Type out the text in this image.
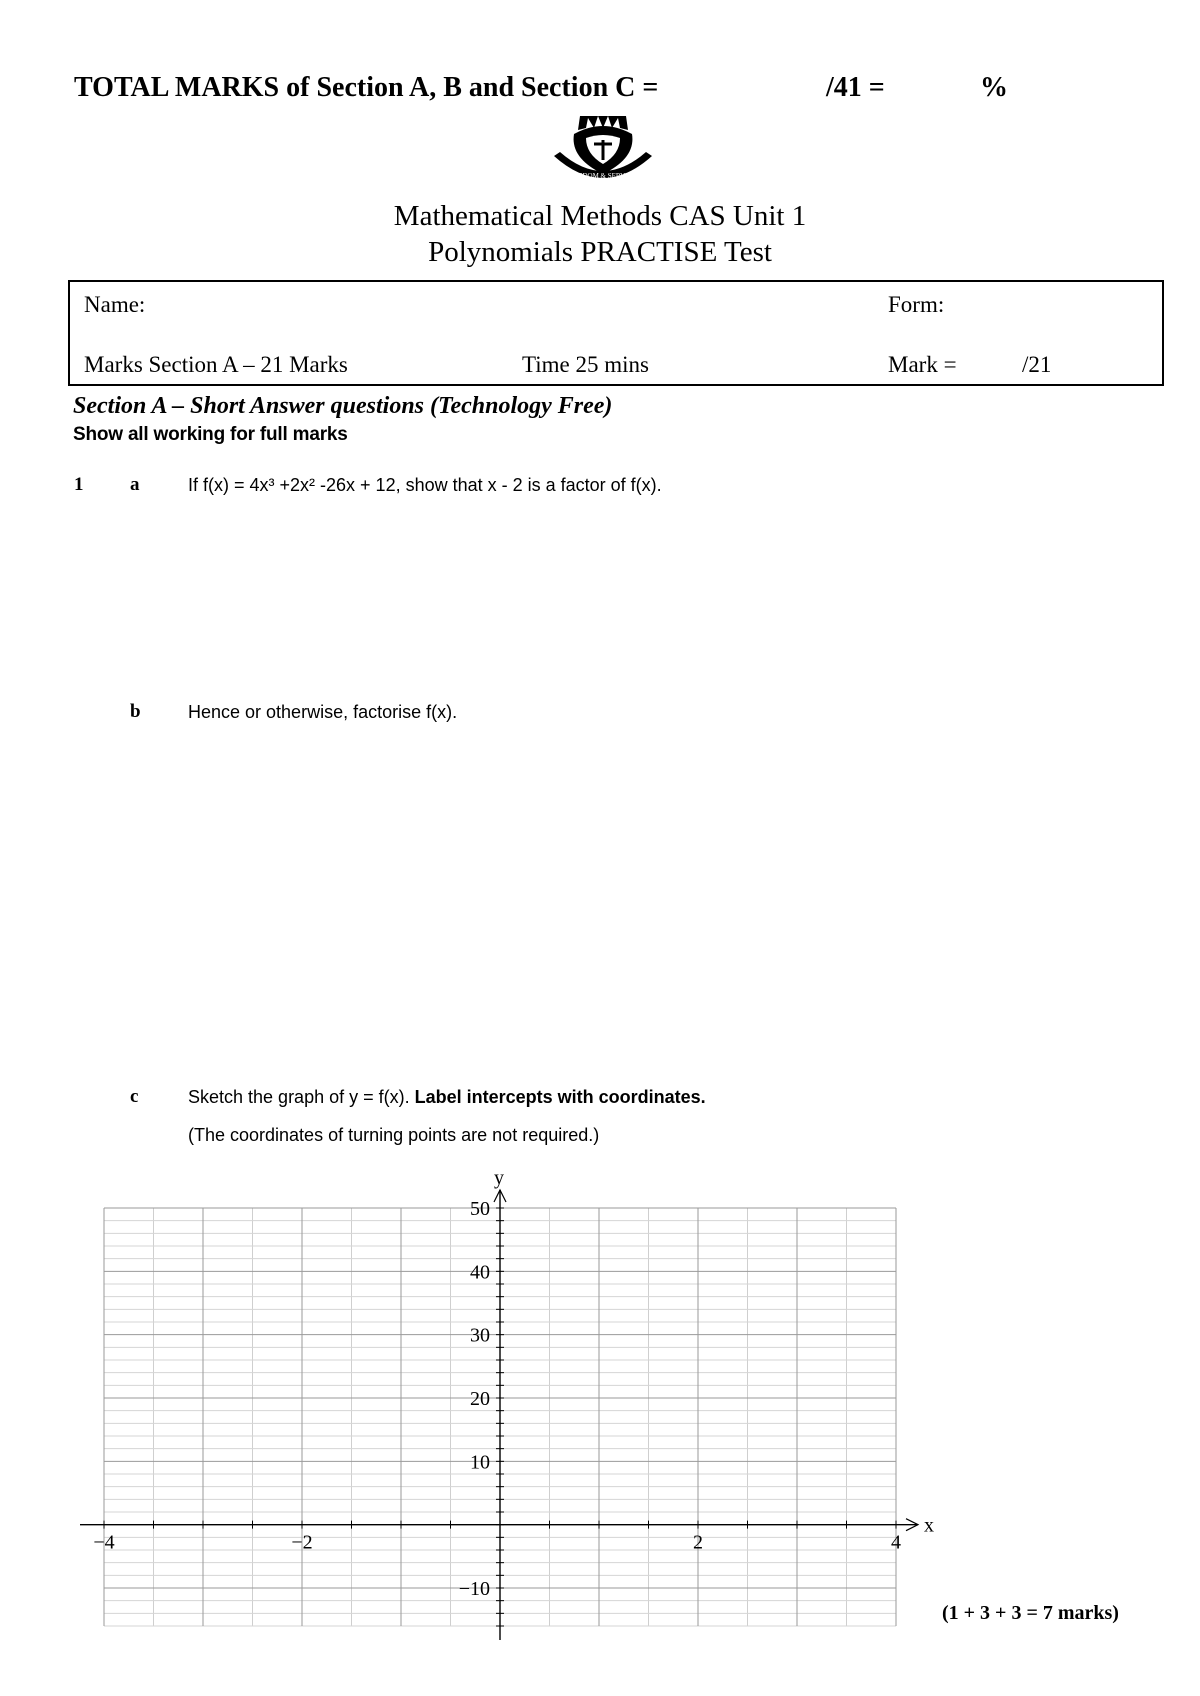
TOTAL MARKS of Section A, B and Section C =	/41 =	%
WISDOM & SERVICE
Mathematical Methods CAS Unit 1
Polynomials PRACTISE Test
Name:	Form:
Marks Section A – 21 Marks	Time 25 mins	Mark =	/21
Section A – Short Answer questions (Technology Free)
Show all working for full marks
1 a	If f(x) = 4x³ +2x² -26x + 12, show that x - 2 is a factor of f(x).
b	Hence or otherwise, factorise f(x).
c	Sketch the graph of y = f(x). Label intercepts with coordinates.
(The coordinates of turning points are not required.)
x
y
−4	−2	2	4
50
40
30
20
10
−10
(1 + 3 + 3 = 7 marks)
